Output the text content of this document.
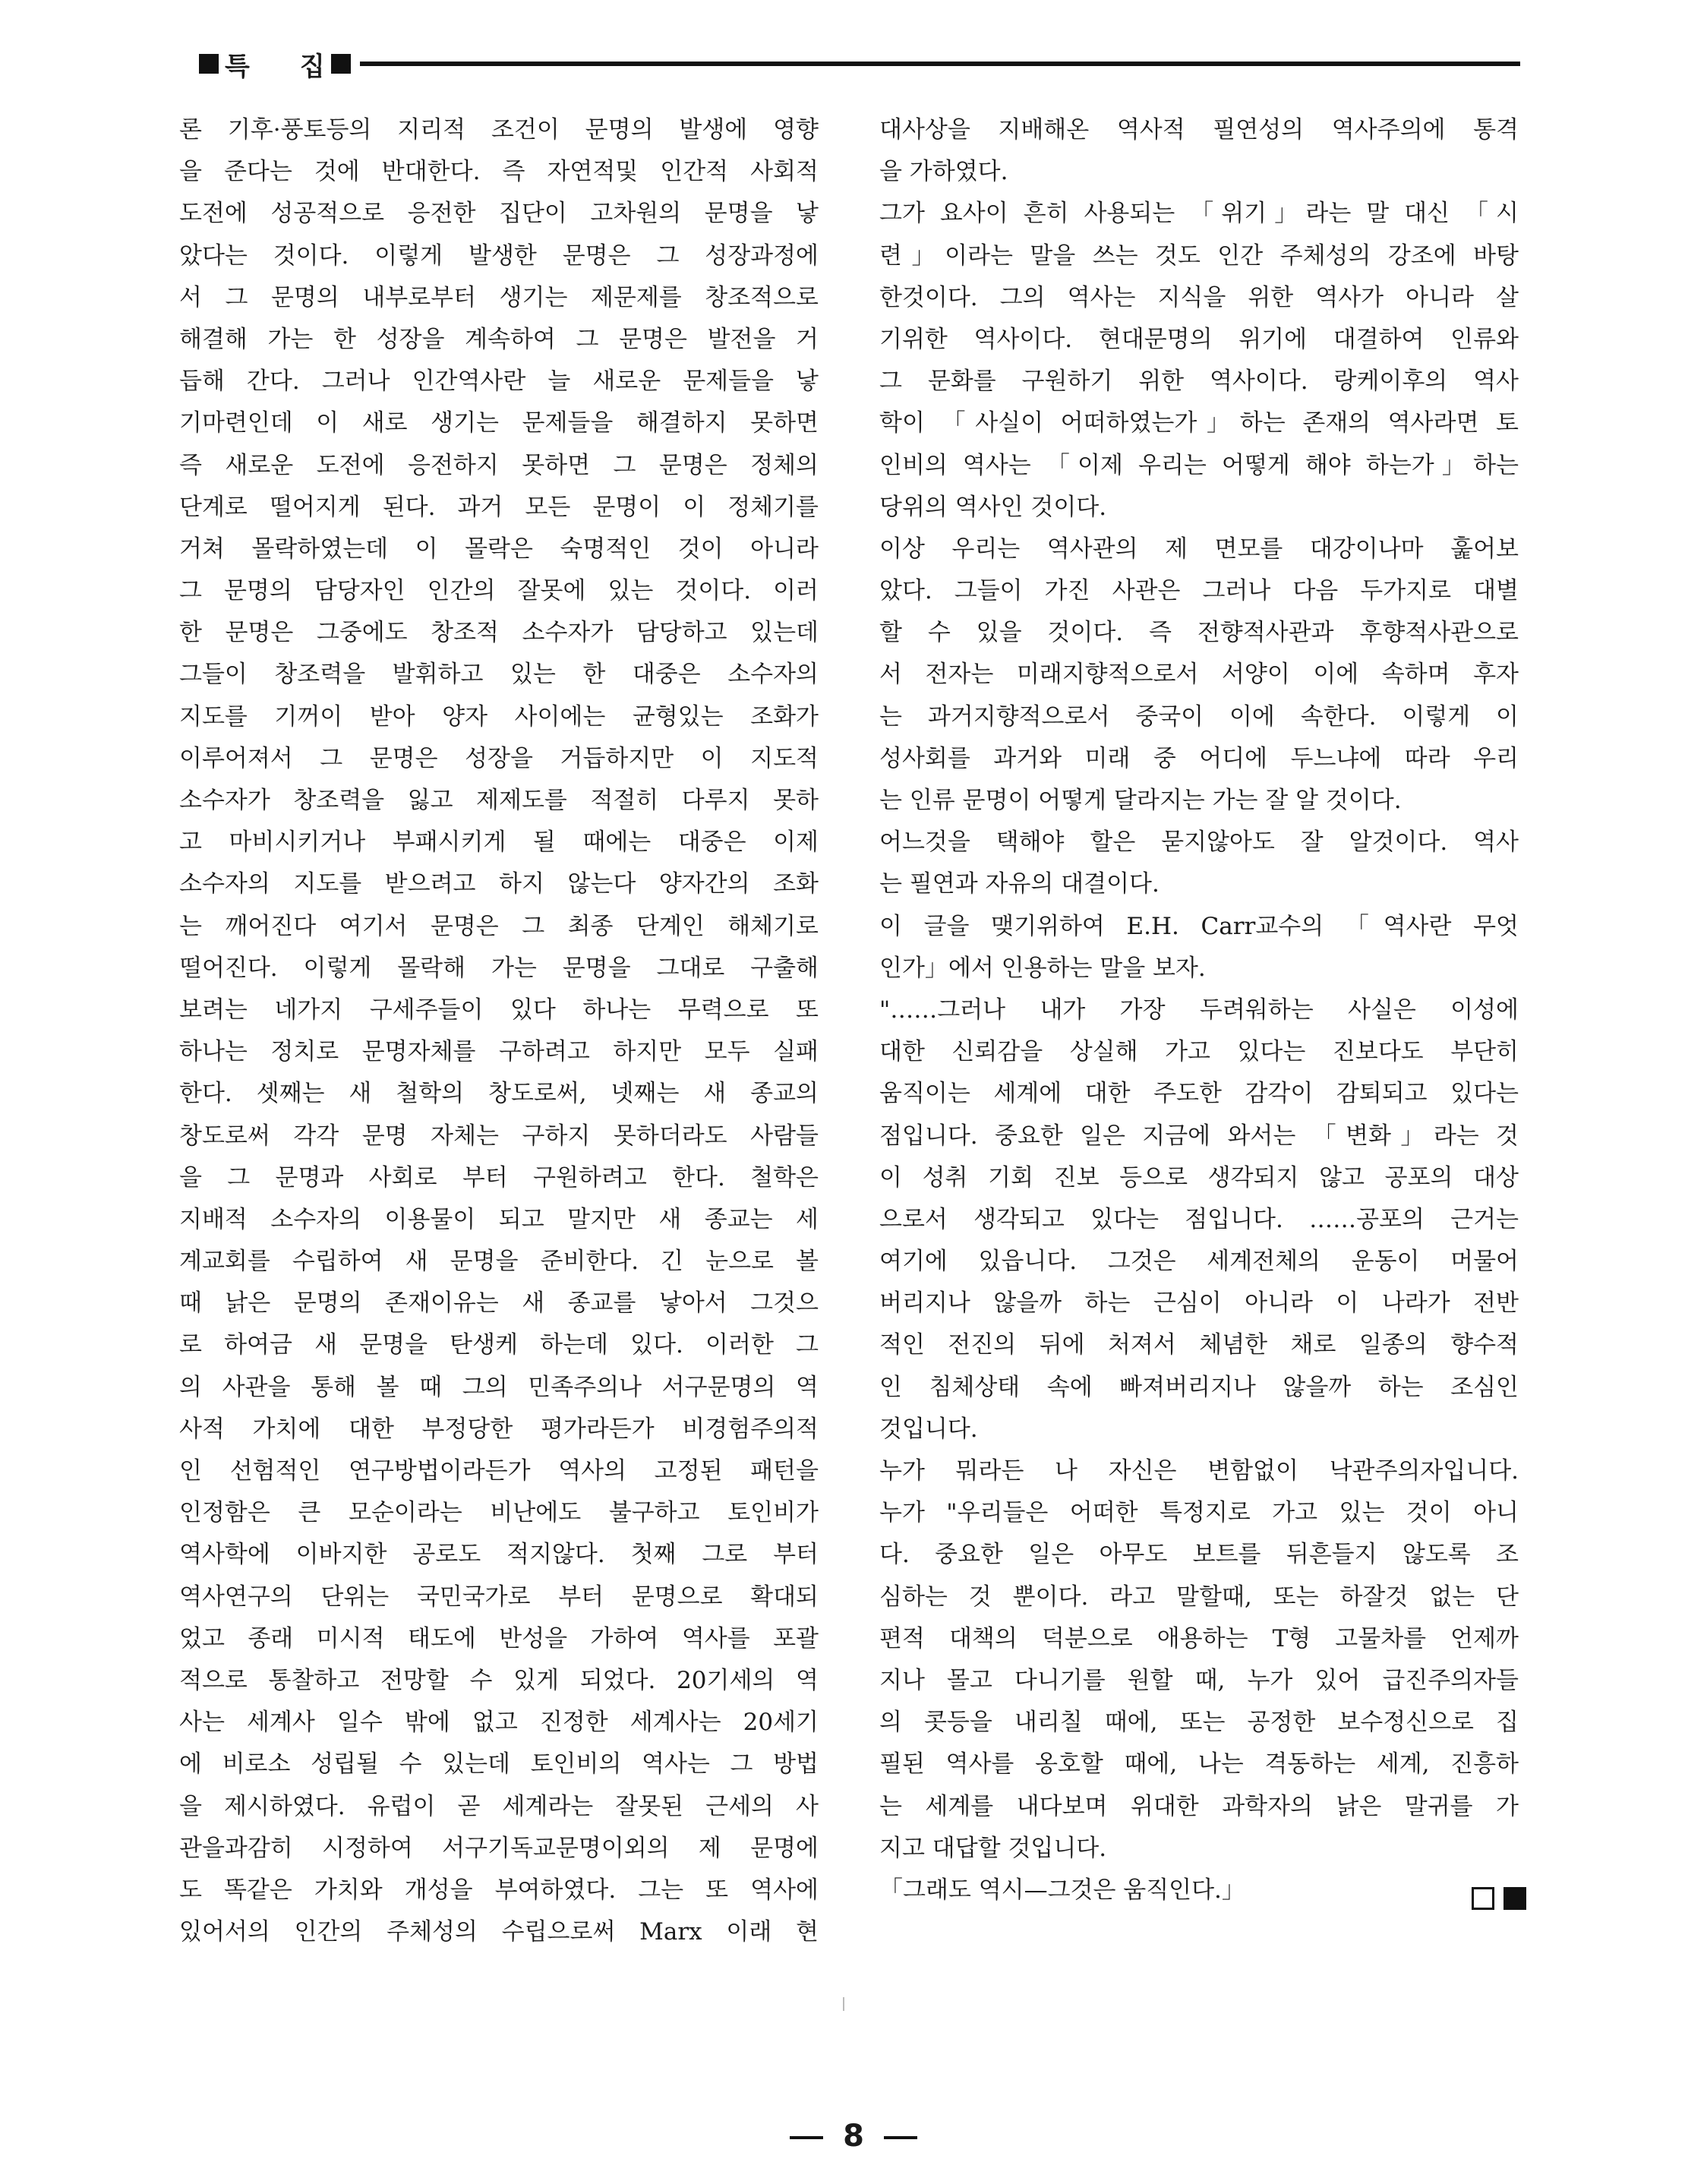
특 집
론 기후·풍토등의 지리적 조건이 문명의 발생에 영향
을 준다는 것에 반대한다. 즉 자연적및 인간적 사회적
도전에 성공적으로 응전한 집단이 고차원의 문명을 낳
았다는 것이다. 이렇게 발생한 문명은 그 성장과정에
서 그 문명의 내부로부터 생기는 제문제를 창조적으로
해결해 가는 한 성장을 계속하여 그 문명은 발전을 거
듭해 간다. 그러나 인간역사란 늘 새로운 문제들을 낳
기마련인데 이 새로 생기는 문제들을 해결하지 못하면
즉 새로운 도전에 응전하지 못하면 그 문명은 정체의
단계로 떨어지게 된다. 과거 모든 문명이 이 정체기를
거쳐 몰락하였는데 이 몰락은 숙명적인 것이 아니라
그 문명의 담당자인 인간의 잘못에 있는 것이다. 이러
한 문명은 그중에도 창조적 소수자가 담당하고 있는데
그들이 창조력을 발휘하고 있는 한 대중은 소수자의
지도를 기꺼이 받아 양자 사이에는 균형있는 조화가
이루어져서 그 문명은 성장을 거듭하지만 이 지도적
소수자가 창조력을 잃고 제제도를 적절히 다루지 못하
고 마비시키거나 부패시키게 될 때에는 대중은 이제
소수자의 지도를 받으려고 하지 않는다 양자간의 조화
는 깨어진다 여기서 문명은 그 최종 단계인 해체기로
떨어진다. 이렇게 몰락해 가는 문명을 그대로 구출해
보려는 네가지 구세주들이 있다 하나는 무력으로 또
하나는 정치로 문명자체를 구하려고 하지만 모두 실패
한다. 셋째는 새 철학의 창도로써, 넷째는 새 종교의
창도로써 각각 문명 자체는 구하지 못하더라도 사람들
을 그 문명과 사회로 부터 구원하려고 한다. 철학은
지배적 소수자의 이용물이 되고 말지만 새 종교는 세
계교회를 수립하여 새 문명을 준비한다. 긴 눈으로 볼
때 낡은 문명의 존재이유는 새 종교를 낳아서 그것으
로 하여금 새 문명을 탄생케 하는데 있다. 이러한 그
의 사관을 통해 볼 때 그의 민족주의나 서구문명의 역
사적 가치에 대한 부정당한 평가라든가 비경험주의적
인 선험적인 연구방법이라든가 역사의 고정된 패턴을
인정함은 큰 모순이라는 비난에도 불구하고 토인비가
역사학에 이바지한 공로도 적지않다. 첫째 그로 부터
역사연구의 단위는 국민국가로 부터 문명으로 확대되
었고 종래 미시적 태도에 반성을 가하여 역사를 포괄
적으로 통찰하고 전망할 수 있게 되었다. 20기세의 역
사는 세계사 일수 밖에 없고 진정한 세계사는 20세기
에 비로소 성립될 수 있는데 토인비의 역사는 그 방법
을 제시하였다. 유럽이 곧 세계라는 잘못된 근세의 사
관을과감히 시정하여 서구기독교문명이외의 제 문명에
도 똑같은 가치와 개성을 부여하였다. 그는 또 역사에
있어서의 인간의 주체성의 수립으로써 Marx 이래 현
대사상을 지배해온 역사적 필연성의 역사주의에 통격
을 가하였다.
그가 요사이 흔히 사용되는 「위기」라는 말 대신 「시
련」이라는 말을 쓰는 것도 인간 주체성의 강조에 바탕
한것이다. 그의 역사는 지식을 위한 역사가 아니라 살
기위한 역사이다. 현대문명의 위기에 대결하여 인류와
그 문화를 구원하기 위한 역사이다. 랑케이후의 역사
학이 「사실이 어떠하였는가」하는 존재의 역사라면 토
인비의 역사는 「이제 우리는 어떻게 해야 하는가」하는
당위의 역사인 것이다.
이상 우리는 역사관의 제 면모를 대강이나마 훑어보
았다. 그들이 가진 사관은 그러나 다음 두가지로 대별
할 수 있을 것이다. 즉 전향적사관과 후향적사관으로
서 전자는 미래지향적으로서 서양이 이에 속하며 후자
는 과거지향적으로서 중국이 이에 속한다. 이렇게 이
성사회를 과거와 미래 중 어디에 두느냐에 따라 우리
는 인류 문명이 어떻게 달라지는 가는 잘 알 것이다.
어느것을 택해야 할은 묻지않아도 잘 알것이다. 역사
는 필연과 자유의 대결이다.
이 글을 맺기위하여 E.H. Carr교수의 「역사란 무엇
인가」에서 인용하는 말을 보자.
"……그러나 내가 가장 두려워하는 사실은 이성에
대한 신뢰감을 상실해 가고 있다는 진보다도 부단히
움직이는 세계에 대한 주도한 감각이 감퇴되고 있다는
점입니다. 중요한 일은 지금에 와서는 「변화」라는 것
이 성취 기회 진보 등으로 생각되지 않고 공포의 대상
으로서 생각되고 있다는 점입니다. ……공포의 근거는
여기에 있읍니다. 그것은 세계전체의 운동이 머물어
버리지나 않을까 하는 근심이 아니라 이 나라가 전반
적인 전진의 뒤에 처져서 체념한 채로 일종의 향수적
인 침체상태 속에 빠져버리지나 않을까 하는 조심인
것입니다.
누가 뭐라든 나 자신은 변함없이 낙관주의자입니다.
누가 "우리들은 어떠한 특정지로 가고 있는 것이 아니
다. 중요한 일은 아무도 보트를 뒤흔들지 않도록 조
심하는 것 뿐이다. 라고 말할때, 또는 하잘것 없는 단
편적 대책의 덕분으로 애용하는 T형 고물차를 언제까
지나 몰고 다니기를 원할 때, 누가 있어 급진주의자들
의 콧등을 내리칠 때에, 또는 공정한 보수정신으로 집
필된 역사를 옹호할 때에, 나는 격동하는 세계, 진흥하
는 세계를 내다보며 위대한 과학자의 낡은 말귀를 가
지고 대답할 것입니다.
「그래도 역시—그것은 움직인다.」
8
